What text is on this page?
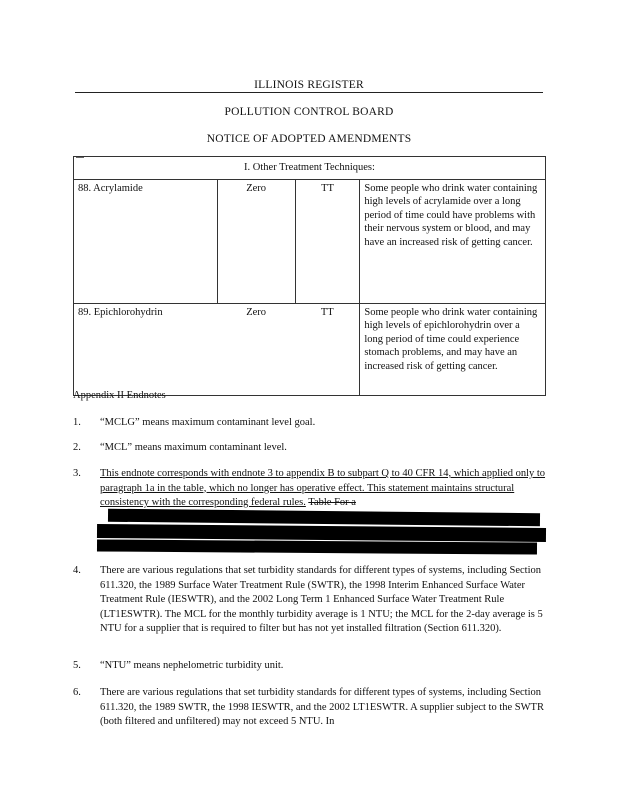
ILLINOIS REGISTER
POLLUTION CONTROL BOARD
NOTICE OF ADOPTED AMENDMENTS
I. Other Treatment Techniques:			
88. Acrylamide	Zero	TT	Some people who drink water containing high levels of acrylamide over a long period of time could have problems with their nervous system or blood, and may have an increased risk of getting cancer.
89. Epichlorohydrin	Zero	TT	Some people who drink water containing high levels of epichlorohydrin over a long period of time could experience stomach problems, and may have an increased risk of getting cancer.
Appendix II Endnotes
1.	“MCLG” means maximum contaminant level goal.
2.	“MCL” means maximum contaminant level.
3.	This endnote corresponds with endnote 3 to appendix B to subpart Q to 40 CFR 14, which applied only to paragraph 1a in the table, which no longer has operative effect. This statement maintains structural consistency with the corresponding federal rules. Table For a
4.	There are various regulations that set turbidity standards for different types of systems, including Section 611.320, the 1989 Surface Water Treatment Rule (SWTR), the 1998 Interim Enhanced Surface Water Treatment Rule (IESWTR), and the 2002 Long Term 1 Enhanced Surface Water Treatment Rule (LT1ESWTR). The MCL for the monthly turbidity average is 1 NTU; the MCL for the 2-day average is 5 NTU for a supplier that is required to filter but has not yet installed filtration (Section 611.320).
5.	“NTU” means nephelometric turbidity unit.
6.	There are various regulations that set turbidity standards for different types of systems, including Section 611.320, the 1989 SWTR, the 1998 IESWTR, and the 2002 LT1ESWTR. A supplier subject to the SWTR (both filtered and unfiltered) may not exceed 5 NTU. In
